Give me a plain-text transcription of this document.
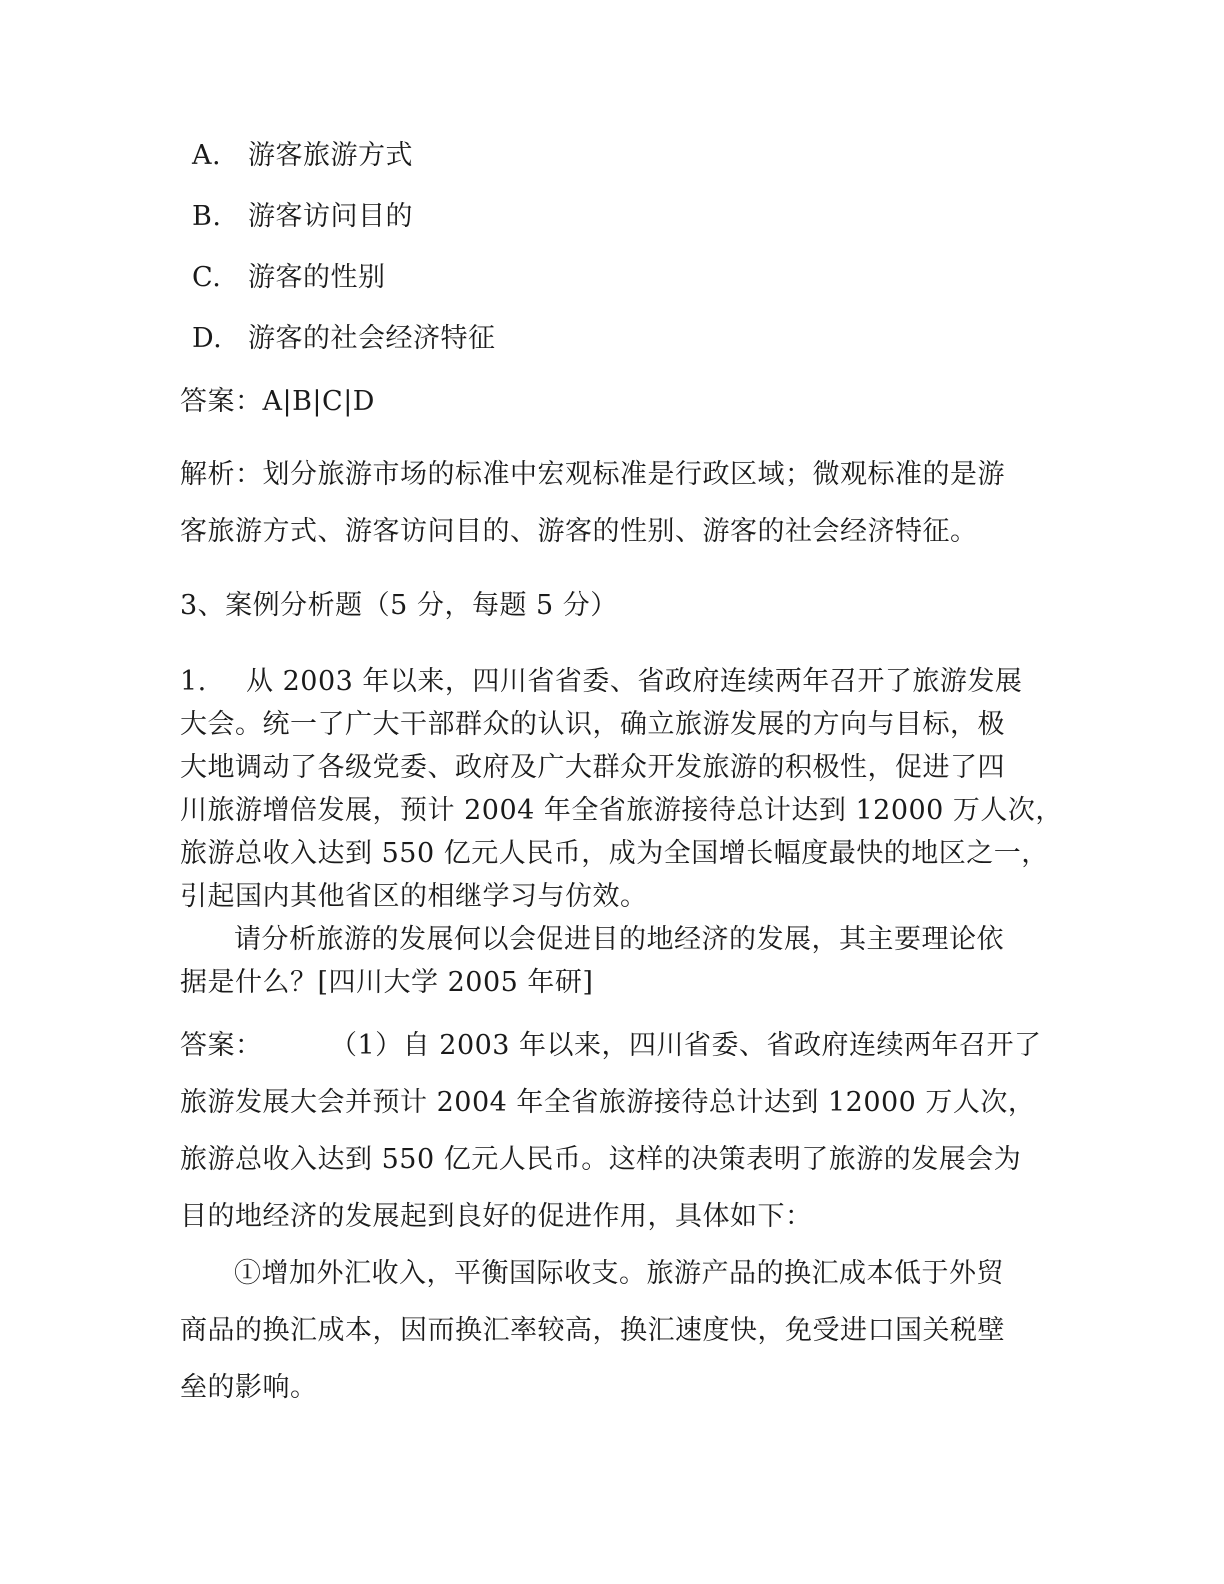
A. 游客旅游方式
B. 游客访问目的
C. 游客的性别
D. 游客的社会经济特征
答案：A|B|C|D
解析：划分旅游市场的标准中宏观标准是行政区域；微观标准的是游
客旅游方式、游客访问目的、游客的性别、游客的社会经济特征。
3、案例分析题（5 分，每题 5 分）
1. 从 2003 年以来，四川省省委、省政府连续两年召开了旅游发展
大会。统一了广大干部群众的认识，确立旅游发展的方向与目标，极
大地调动了各级党委、政府及广大群众开发旅游的积极性，促进了四
川旅游增倍发展，预计 2004 年全省旅游接待总计达到 12000 万人次，
旅游总收入达到 550 亿元人民币，成为全国增长幅度最快的地区之一，
引起国内其他省区的相继学习与仿效。
请分析旅游的发展何以会促进目的地经济的发展，其主要理论依
据是什么？[四川大学 2005 年研]
答案：	（1）自 2003 年以来，四川省委、省政府连续两年召开了
旅游发展大会并预计 2004 年全省旅游接待总计达到 12000 万人次，
旅游总收入达到 550 亿元人民币。这样的决策表明了旅游的发展会为
目的地经济的发展起到良好的促进作用，具体如下：
①增加外汇收入，平衡国际收支。旅游产品的换汇成本低于外贸
商品的换汇成本，因而换汇率较高，换汇速度快，免受进口国关税壁
垒的影响。
